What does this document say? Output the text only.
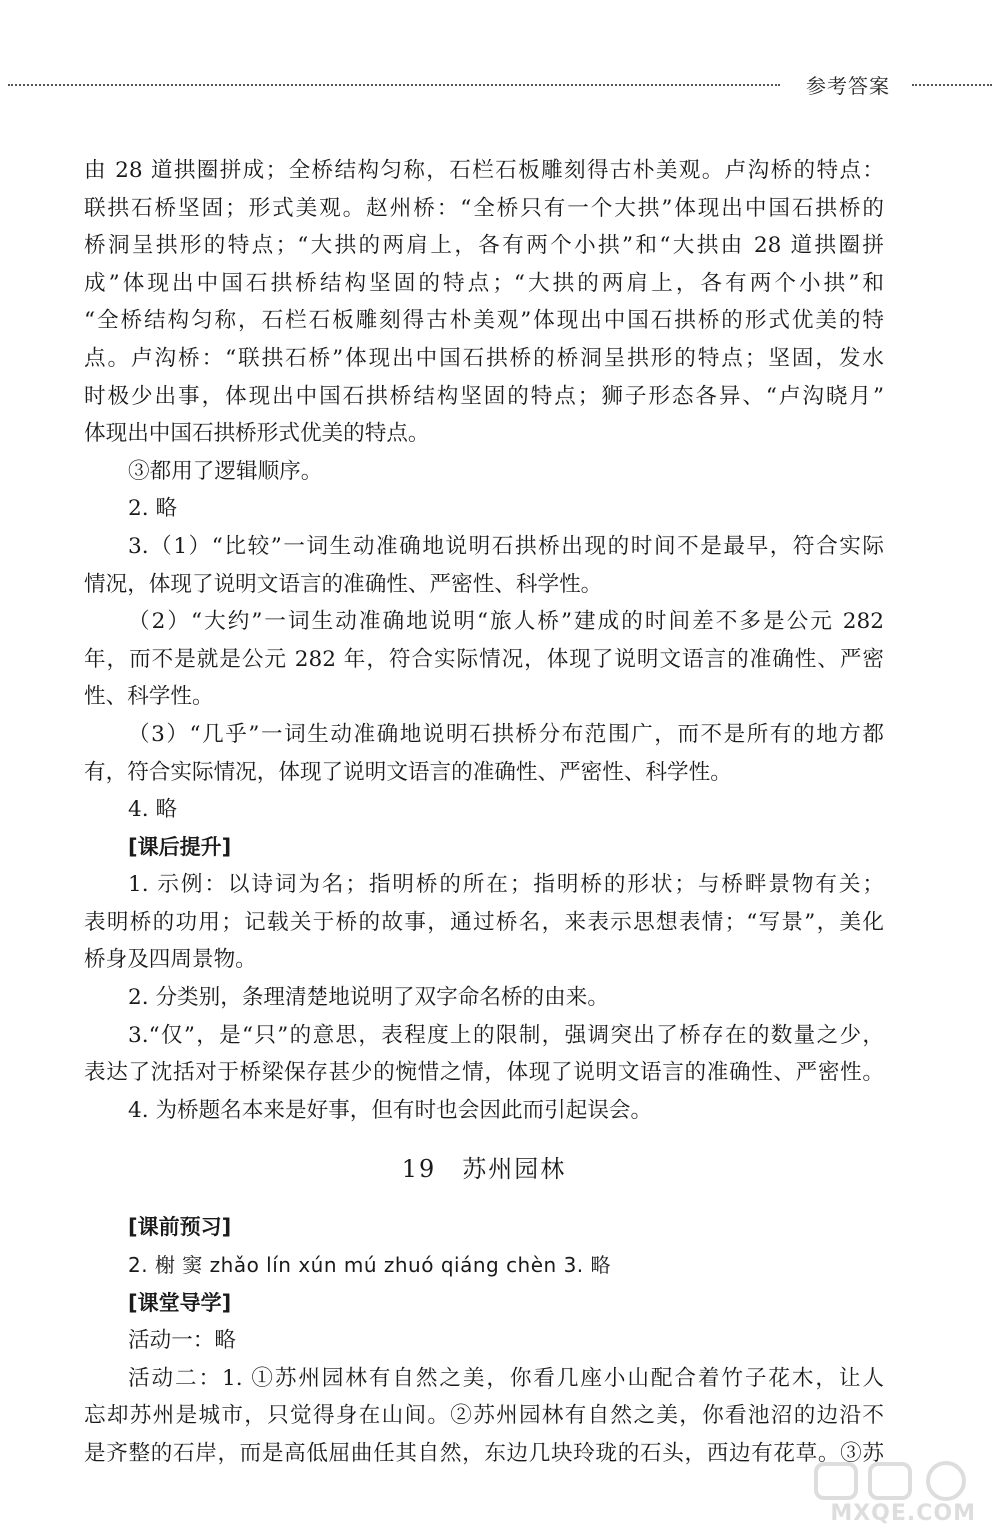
参考答案
由 28 道拱圈拼成；全桥结构匀称，石栏石板雕刻得古朴美观。卢沟桥的特点：
联拱石桥坚固；形式美观。赵州桥：“全桥只有一个大拱”体现出中国石拱桥的
桥洞呈拱形的特点；“大拱的两肩上，各有两个小拱”和“大拱由 28 道拱圈拼
成”体现出中国石拱桥结构坚固的特点；“大拱的两肩上，各有两个小拱”和
“全桥结构匀称，石栏石板雕刻得古朴美观”体现出中国石拱桥的形式优美的特
点。卢沟桥：“联拱石桥”体现出中国石拱桥的桥洞呈拱形的特点；坚固，发水
时极少出事，体现出中国石拱桥结构坚固的特点；狮子形态各异、“卢沟晓月”
体现出中国石拱桥形式优美的特点。
③都用了逻辑顺序。
2. 略
3.（1）“比较”一词生动准确地说明石拱桥出现的时间不是最早，符合实际
情况，体现了说明文语言的准确性、严密性、科学性。
（2）“大约”一词生动准确地说明“旅人桥”建成的时间差不多是公元 282
年，而不是就是公元 282 年，符合实际情况，体现了说明文语言的准确性、严密
性、科学性。
（3）“几乎”一词生动准确地说明石拱桥分布范围广，而不是所有的地方都
有，符合实际情况，体现了说明文语言的准确性、严密性、科学性。
4. 略
[课后提升]
1. 示例：以诗词为名；指明桥的所在；指明桥的形状；与桥畔景物有关；
表明桥的功用；记载关于桥的故事，通过桥名，来表示思想表情；“写景”，美化
桥身及四周景物。
2. 分类别，条理清楚地说明了双字命名桥的由来。
3.“仅”，是“只”的意思，表程度上的限制，强调突出了桥存在的数量之少，
表达了沈括对于桥梁保存甚少的惋惜之情，体现了说明文语言的准确性、严密性。
4. 为桥题名本来是好事，但有时也会因此而引起误会。
19 苏州园林
[课前预习]
2. 榭 窦 zhǎo lín xún mú zhuó qiáng chèn 3. 略
[课堂导学]
活动一：略
活动二：1. ①苏州园林有自然之美，你看几座小山配合着竹子花木，让人
忘却苏州是城市，只觉得身在山间。②苏州园林有自然之美，你看池沼的边沿不
是齐整的石岸，而是高低屈曲任其自然，东边几块玲珑的石头，西边有花草。③苏
MXQE.COM
